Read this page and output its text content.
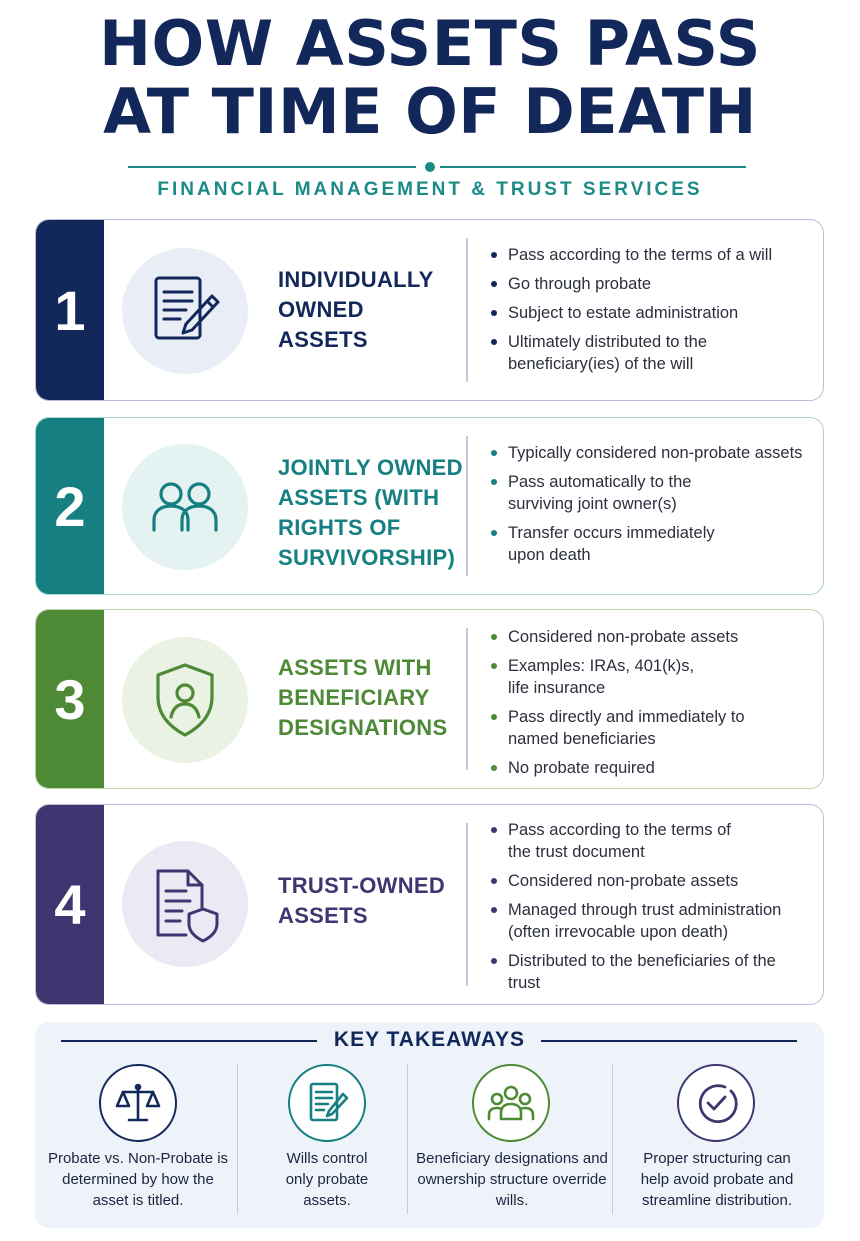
HOW ASSETS PASS
AT TIME OF DEATH
FINANCIAL MANAGEMENT & TRUST SERVICES
1	INDIVIDUALLY
OWNED
ASSETS
Pass according to the terms of a will
Go through probate
Subject to estate administration
Ultimately distributed to the beneficiary(ies) of the will
2
JOINTLY OWNED
ASSETS (WITH
RIGHTS OF
SURVIVORSHIP)
Typically considered non-probate assets
Pass automatically to the surviving joint owner(s)
Transfer occurs immediately upon death
3	ASSETS WITH
BENEFICIARY
DESIGNATIONS
Considered non-probate assets
Examples: IRAs, 401(k)s, life insurance
Pass directly and immediately to named beneficiaries
No probate required
4	TRUST-OWNED
ASSETS
Pass according to the terms of the trust document
Considered non-probate assets
Managed through trust administration (often irrevocable upon death)
Distributed to the beneficiaries of the trust
KEY TAKEAWAYS
Probate vs. Non-Probate is determined by how the asset is titled.
Wills control only probate assets.
Beneficiary designations and ownership structure override wills.
Proper structuring can help avoid probate and streamline distribution.
